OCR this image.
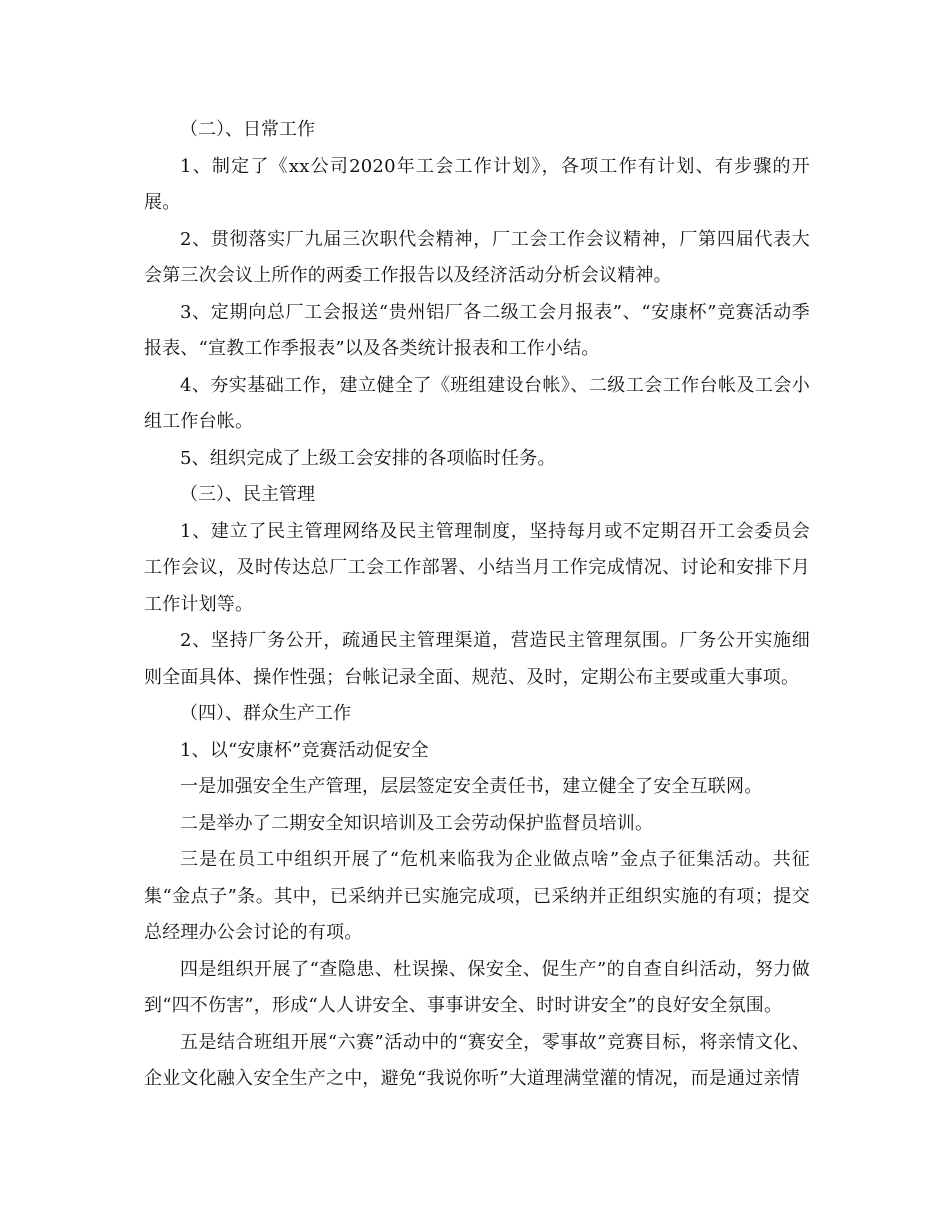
（二）、日常工作

1、制定了《xx公司2020年工会工作计划》，各项工作有计划、有步骤的开展。

2、贯彻落实厂九届三次职代会精神，厂工会工作会议精神，厂第四届代表大会第三次会议上所作的两委工作报告以及经济活动分析会议精神。

3、定期向总厂工会报送“贵州铝厂各二级工会月报表”、“安康杯”竞赛活动季报表、“宣教工作季报表”以及各类统计报表和工作小结。

4、夯实基础工作，建立健全了《班组建设台帐》、二级工会工作台帐及工会小组工作台帐。

5、组织完成了上级工会安排的各项临时任务。

（三）、民主管理

1、建立了民主管理网络及民主管理制度，坚持每月或不定期召开工会委员会工作会议，及时传达总厂工会工作部署、小结当月工作完成情况、讨论和安排下月工作计划等。

2、坚持厂务公开，疏通民主管理渠道，营造民主管理氛围。厂务公开实施细则全面具体、操作性强；台帐记录全面、规范、及时，定期公布主要或重大事项。

（四）、群众生产工作

1、以“安康杯”竞赛活动促安全

一是加强安全生产管理，层层签定安全责任书，建立健全了安全互联网。

二是举办了二期安全知识培训及工会劳动保护监督员培训。

三是在员工中组织开展了“危机来临我为企业做点啥”金点子征集活动。共征集“金点子”条。其中，已采纳并已实施完成项，已采纳并正组织实施的有项；提交总经理办公会讨论的有项。

四是组织开展了“查隐患、杜误操、保安全、促生产”的自查自纠活动，努力做到“四不伤害”，形成“人人讲安全、事事讲安全、时时讲安全”的良好安全氛围。

五是结合班组开展“六赛”活动中的“赛安全，零事故”竞赛目标，将亲情文化、企业文化融入安全生产之中，避免“我说你听”大道理满堂灌的情况，而是通过亲情
